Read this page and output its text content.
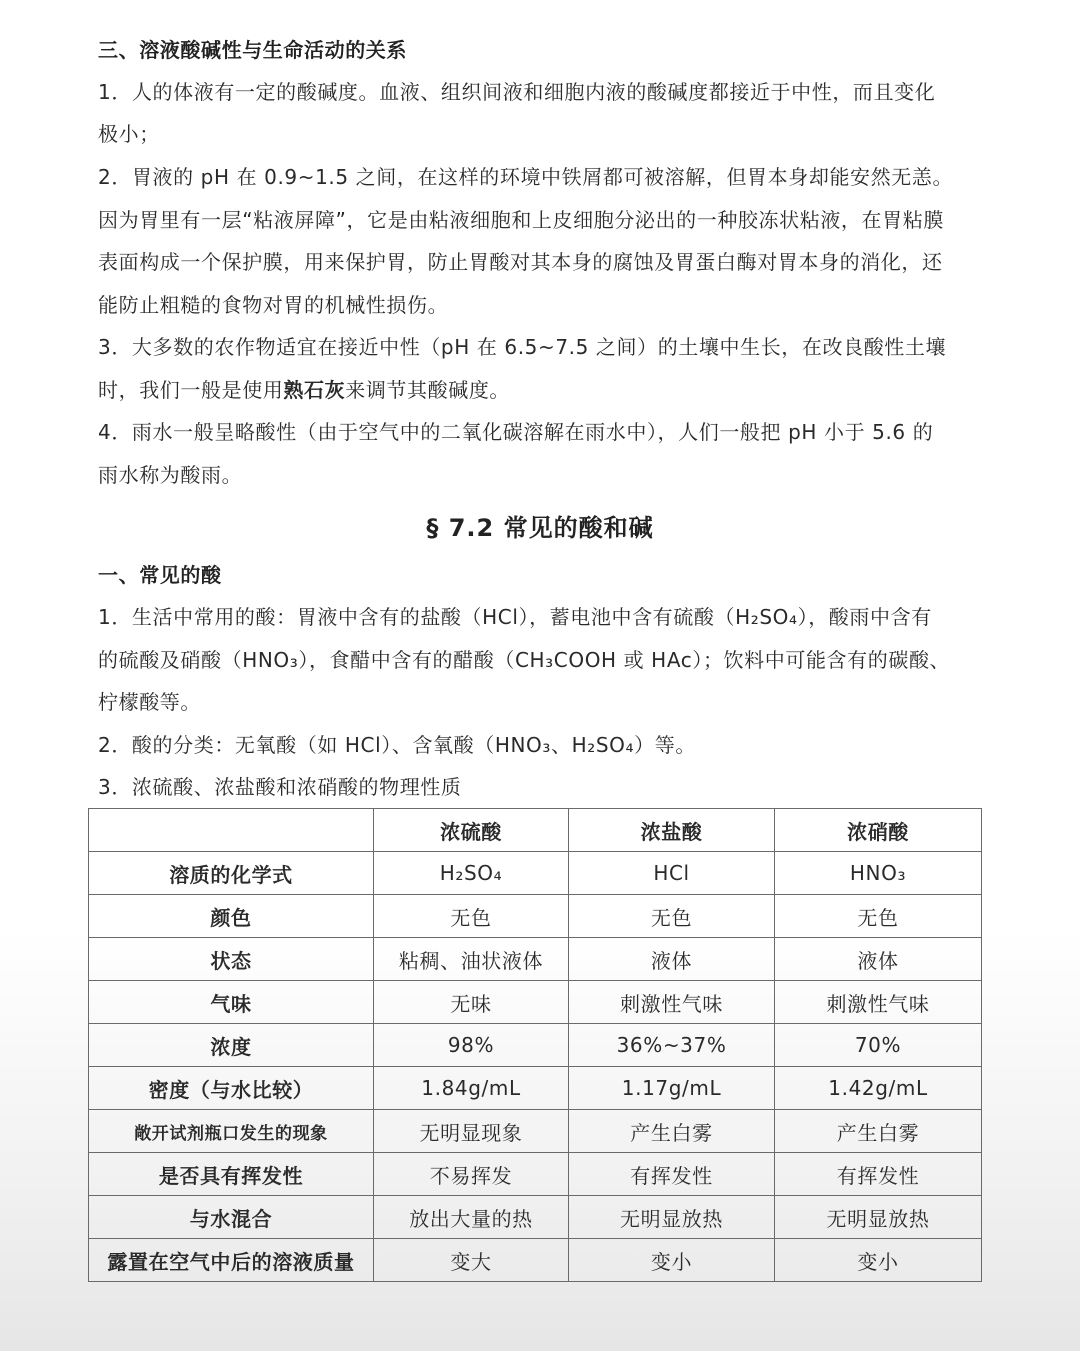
三、溶液酸碱性与生命活动的关系
1．人的体液有一定的酸碱度。血液、组织间液和细胞内液的酸碱度都接近于中性，而且变化
极小；
2．胃液的 pH 在 0.9~1.5 之间，在这样的环境中铁屑都可被溶解，但胃本身却能安然无恙。
因为胃里有一层“粘液屏障”，它是由粘液细胞和上皮细胞分泌出的一种胶冻状粘液，在胃粘膜
表面构成一个保护膜，用来保护胃，防止胃酸对其本身的腐蚀及胃蛋白酶对胃本身的消化，还
能防止粗糙的食物对胃的机械性损伤。
3．大多数的农作物适宜在接近中性（pH 在 6.5~7.5 之间）的土壤中生长，在改良酸性土壤
时，我们一般是使用熟石灰来调节其酸碱度。
4．雨水一般呈略酸性（由于空气中的二氧化碳溶解在雨水中），人们一般把 pH 小于 5.6 的
雨水称为酸雨。
§ 7.2 常见的酸和碱
一、常见的酸
1．生活中常用的酸：胃液中含有的盐酸（HCl），蓄电池中含有硫酸（H₂SO₄），酸雨中含有
的硫酸及硝酸（HNO₃），食醋中含有的醋酸（CH₃COOH 或 HAc）；饮料中可能含有的碳酸、
柠檬酸等。
2．酸的分类：无氧酸（如 HCl）、含氧酸（HNO₃、H₂SO₄）等。
3．浓硫酸、浓盐酸和浓硝酸的物理性质
	浓硫酸	浓盐酸	浓硝酸
溶质的化学式	H₂SO₄	HCl	HNO₃
颜色	无色	无色	无色
状态	粘稠、油状液体	液体	液体
气味	无味	刺激性气味	刺激性气味
浓度	98%	36%~37%	70%
密度（与水比较）	1.84g/mL	1.17g/mL	1.42g/mL
敞开试剂瓶口发生的现象	无明显现象	产生白雾	产生白雾
是否具有挥发性	不易挥发	有挥发性	有挥发性
与水混合	放出大量的热	无明显放热	无明显放热
露置在空气中后的溶液质量	变大	变小	变小
